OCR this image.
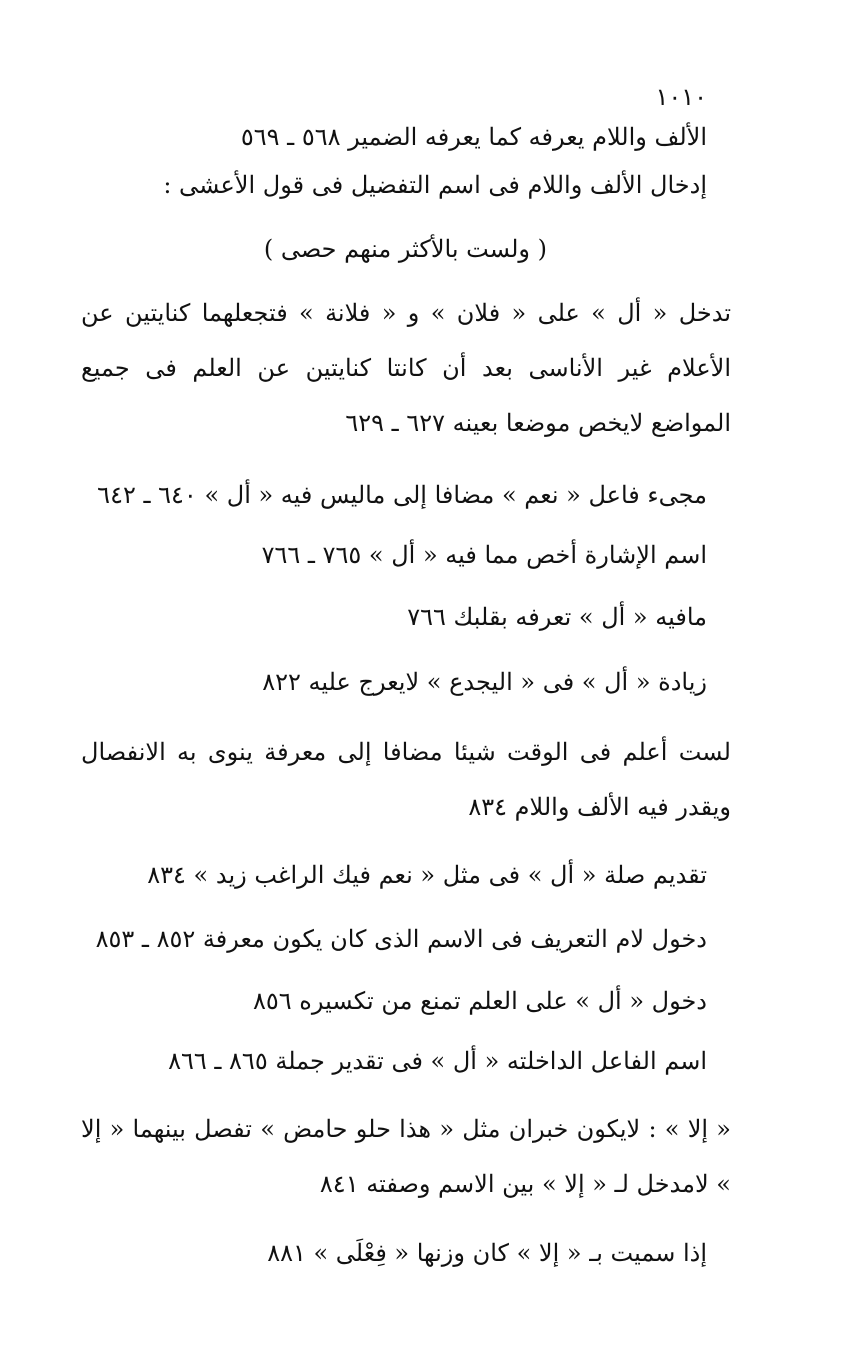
١٠١٠
الألف واللام يعرفه كما يعرفه الضمير ٥٦٨ ـ ٥٦٩
إدخال الألف واللام فى اسم التفضيل فى قول الأعشى :
( ولست بالأكثر منهم حصى )
تدخل « أل » على « فلان » و « فلانة » فتجعلهما كنايتين عن الأعلام غير الأناسى بعد أن كانتا كنايتين عن العلم فى جميع المواضع لايخص موضعا بعينه ٦٢٧ ـ ٦٢٩
مجىء فاعل « نعم » مضافا إلى ماليس فيه « أل » ٦٤٠ ـ ٦٤٢
اسم الإشارة أخص مما فيه « أل » ٧٦٥ ـ ٧٦٦
مافيه « أل » تعرفه بقلبك ٧٦٦
زيادة « أل » فى « اليجدع » لايعرج عليه ٨٢٢
لست أعلم فى الوقت شيئا مضافا إلى معرفة ينوى به الانفصال ويقدر فيه الألف واللام ٨٣٤
تقديم صلة « أل » فى مثل « نعم فيك الراغب زيد » ٨٣٤
دخول لام التعريف فى الاسم الذى كان يكون معرفة ٨٥٢ ـ ٨٥٣
دخول « أل » على العلم تمنع من تكسيره ٨٥٦
اسم الفاعل الداخلته « أل » فى تقدير جملة ٨٦٥ ـ ٨٦٦
« إلا » : لايكون خبران مثل « هذا حلو حامض » تفصل بينهما « إلا » لامدخل لـ « إلا » بين الاسم وصفته ٨٤١
إذا سميت بـ « إلا » كان وزنها « فِعْلَى » ٨٨١
